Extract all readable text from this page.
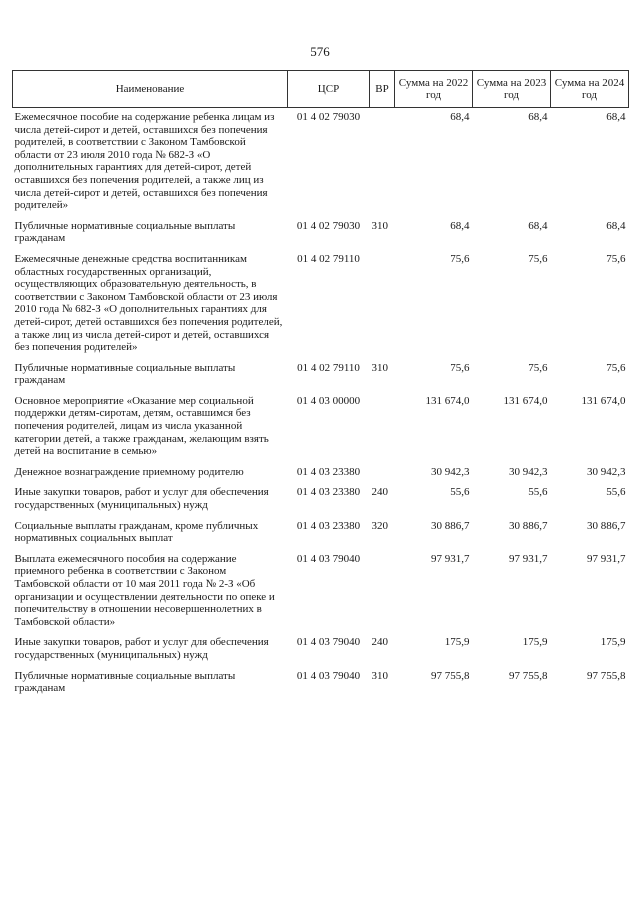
576
Наименование	ЦСР	ВР	Сумма на 2022 год	Сумма на 2023 год	Сумма на 2024 год
Ежемесячное пособие на содержание ребенка лицам из числа детей-сирот и детей, оставшихся без попечения родителей, в соответствии с Законом Тамбовской области от 23 июля 2010 года № 682-З «О дополнительных гарантиях для детей-сирот, детей оставшихся без попечения родителей, а также лиц из числа детей-сирот и детей, оставшихся без попечения родителей»	01 4 02 79030		68,4	68,4	68,4
Публичные нормативные социальные выплаты гражданам	01 4 02 79030	310	68,4	68,4	68,4
Ежемесячные денежные средства воспитанникам областных государственных организаций, осуществляющих образовательную деятельность, в соответствии с Законом Тамбовской области от 23 июля 2010 года № 682-З «О дополнительных гарантиях для детей-сирот, детей оставшихся без попечения родителей, а также лиц из числа детей-сирот и детей, оставшихся без попечения родителей»	01 4 02 79110		75,6	75,6	75,6
Публичные нормативные социальные выплаты гражданам	01 4 02 79110	310	75,6	75,6	75,6
Основное мероприятие «Оказание мер социальной поддержки детям-сиротам, детям, оставшимся без попечения родителей, лицам из числа указанной категории детей, а также гражданам, желающим взять детей на воспитание в семью»	01 4 03 00000		131 674,0	131 674,0	131 674,0
Денежное вознаграждение приемному родителю	01 4 03 23380		30 942,3	30 942,3	30 942,3
Иные закупки товаров, работ и услуг для обеспечения государственных (муниципальных) нужд	01 4 03 23380	240	55,6	55,6	55,6
Социальные выплаты гражданам, кроме публичных нормативных социальных выплат	01 4 03 23380	320	30 886,7	30 886,7	30 886,7
Выплата ежемесячного пособия на содержание приемного ребенка в соответствии с Законом Тамбовской области от 10 мая 2011 года № 2-З «Об организации и осуществлении деятельности по опеке и попечительству в отношении несовершеннолетних в Тамбовской области»	01 4 03 79040		97 931,7	97 931,7	97 931,7
Иные закупки товаров, работ и услуг для обеспечения государственных (муниципальных) нужд	01 4 03 79040	240	175,9	175,9	175,9
Публичные нормативные социальные выплаты гражданам	01 4 03 79040	310	97 755,8	97 755,8	97 755,8
